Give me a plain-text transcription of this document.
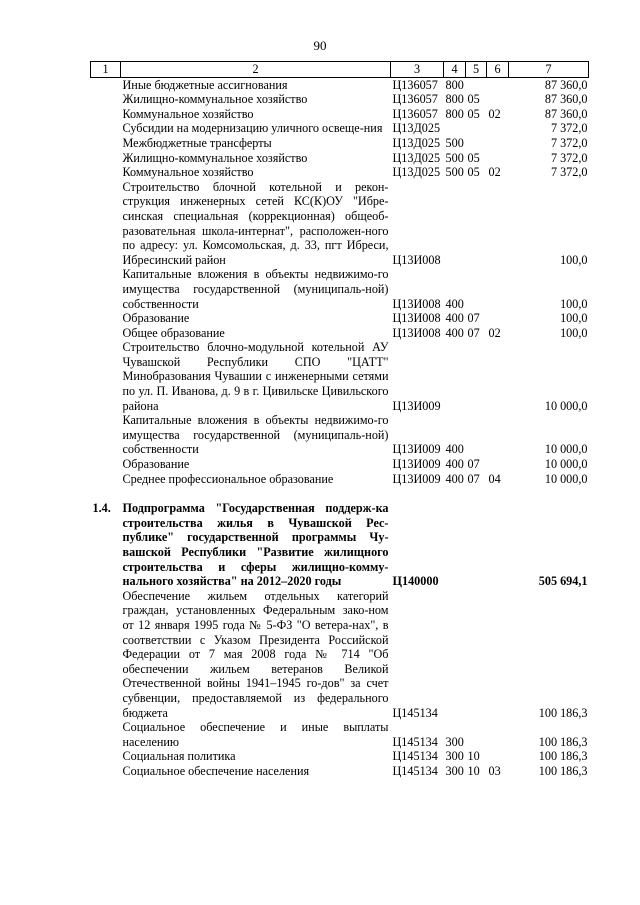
90
1	2	3	4	5	6	7
	Иные бюджетные ассигнования	Ц136057	800			87 360,0
	Жилищно-коммунальное хозяйство	Ц136057	800	05		87 360,0
	Коммунальное хозяйство	Ц136057	800	05	02	87 360,0
	Субсидии на модернизацию уличного освеще-ния	Ц13Д025				7 372,0
	Межбюджетные трансферты	Ц13Д025	500			7 372,0
	Жилищно-коммунальное хозяйство	Ц13Д025	500	05		7 372,0
	Коммунальное хозяйство	Ц13Д025	500	05	02	7 372,0
	Строительство блочной котельной и рекон-струкция инженерных сетей КС(К)ОУ "Ибре-синская специальная (коррекционная) общеоб-разовательная школа-интернат", расположен-ного по адресу: ул. Комсомольская, д. 33, пгт Ибреси, Ибресинский район	Ц13И008				100,0
	Капитальные вложения в объекты недвижимо-го имущества государственной (муниципаль-ной) собственности	Ц13И008	400			100,0
	Образование	Ц13И008	400	07		100,0
	Общее образование	Ц13И008	400	07	02	100,0
	Строительство блочно-модульной котельной АУ Чувашской Республики СПО "ЦАТТ" Минобразования Чувашии с инженерными сетями по ул. П. Иванова, д. 9 в г. Цивильске Цивильского района	Ц13И009				10 000,0
	Капитальные вложения в объекты недвижимо-го имущества государственной (муниципаль-ной) собственности	Ц13И009	400			10 000,0
	Образование	Ц13И009	400	07		10 000,0
	Среднее профессиональное образование	Ц13И009	400	07	04	10 000,0

1.4.	Подпрограмма "Государственная поддерж-ка строительства жилья в Чувашской Рес-публике" государственной программы Чу-вашской Республики "Развитие жилищного строительства и сферы жилищно-комму-нального хозяйства" на 2012–2020 годы	Ц140000				505 694,1
	Обеспечение жильем отдельных категорий граждан, установленных Федеральным зако-ном от 12 января 1995 года № 5-ФЗ "О ветера-нах", в соответствии с Указом Президента Российской Федерации от 7 мая 2008 года № 714 "Об обеспечении жильем ветеранов Великой Отечественной войны 1941–1945 го-дов" за счет субвенции, предоставляемой из федерального бюджета	Ц145134				100 186,3
	Социальное обеспечение и иные выплаты населению	Ц145134	300			100 186,3
	Социальная политика	Ц145134	300	10		100 186,3
	Социальное обеспечение населения	Ц145134	300	10	03	100 186,3
